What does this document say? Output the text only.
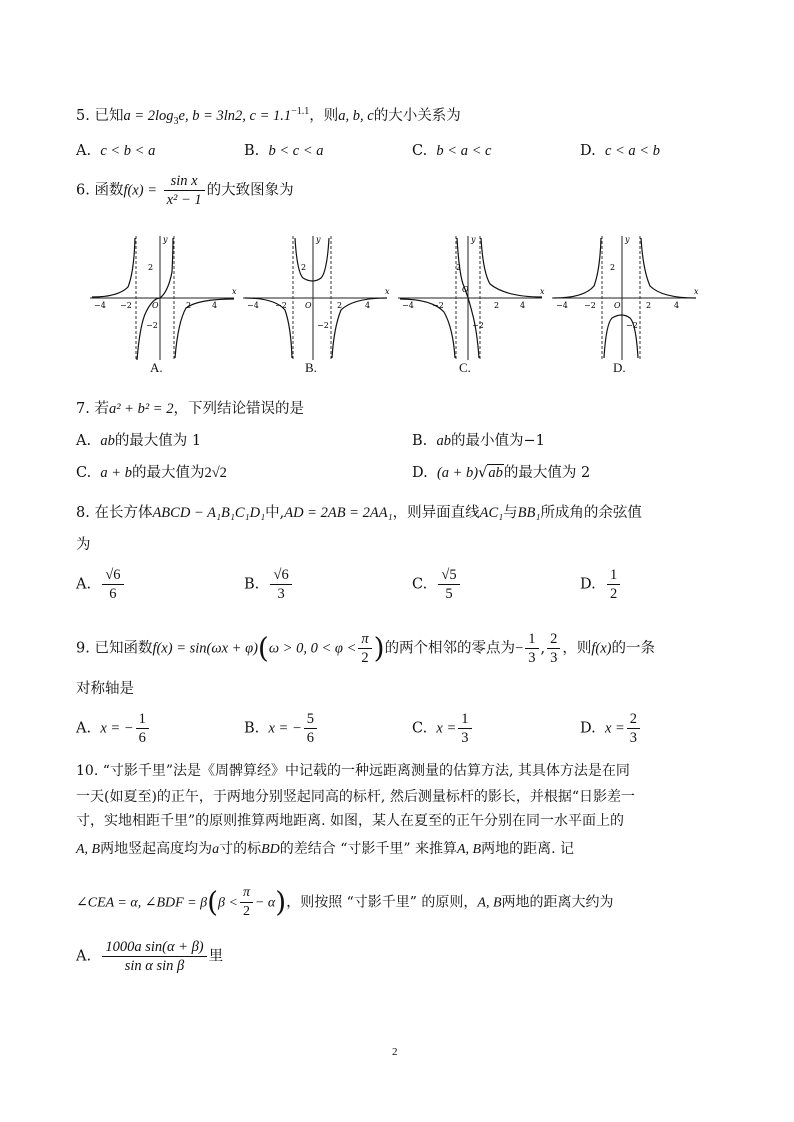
5. 已知$a = 2\log_3e$, b = 3ln2, $c = 1.1^{-1.1}$，则a, b, c的大小关系为
A. c < b < a	B. b < c < a	C. b < a < c	D. c < a < b
6. 函数$f(x) = \frac{\text{sin x}}{\text{x² − 1}}$ 的大致图象为
x
y
2
−2
−4 −2	O	2	4
x
y
2
−2
−4 −2 O	2	4
x
y
2
−2
−4 −2
O
2	4
x
y
2
−2
−4 −2 O	2	4
A.	B.	C.	D.
7. 若a² + b² = 2，下列结论错误的是
A. ab的最大值为 1	B. ab的最小值为−1
C. a + b的最大值为2√2	D. (a + b)√ab的最大值为 2
8. 在长方体ABCD − A₁B₁C₁D₁中,AD = 2AB = 2AA₁，则异面直线AC₁与BB₁所成角的余弦值
为
A. $\frac{√6}{6}$	B. $\frac{√6}{3}$	C. $\frac{√5}{5}$	D. $\frac{1}{2}$
9. 已知函数f(x) = sin(ωx + φ)(ω > 0, $0 < \varphi < \frac{\pi}{2}$ )的两个相邻的零点为− $\frac{1}{3}$ , $\frac{2}{3}$ ，则f(x)的一条
对称轴是
A. x = − $\frac{1}{6}$	B. x = − $\frac{5}{6}$	C. $x = \frac{1}{3}$	D. $x = \frac{2}{3}$
10. “寸影千里”法是《周髀算经》中记载的一种远距离测量的估算方法, 其具体方法是在同
一天(如夏至)的正午，于两地分别竖起同高的标杆, 然后测量标杆的影长，并根据“日影差一
寸，实地相距千里”的原则推算两地距离. 如图，某人在夏至的正午分别在同一水平面上的
A, B两地竖起高度均为a寸的标BD的差结合 “寸影千里” 来推算A, B两地的距离. 记
∠CEA = α, ∠BDF = $\beta(\beta < \frac{\pi}{2} - \alpha)$，则按照 “寸影千里” 的原则，A, B两地的距离大约为
A. $\frac{\text{1000a sin(α + β)}}{\text{sin α sin β}}$ 里
2
